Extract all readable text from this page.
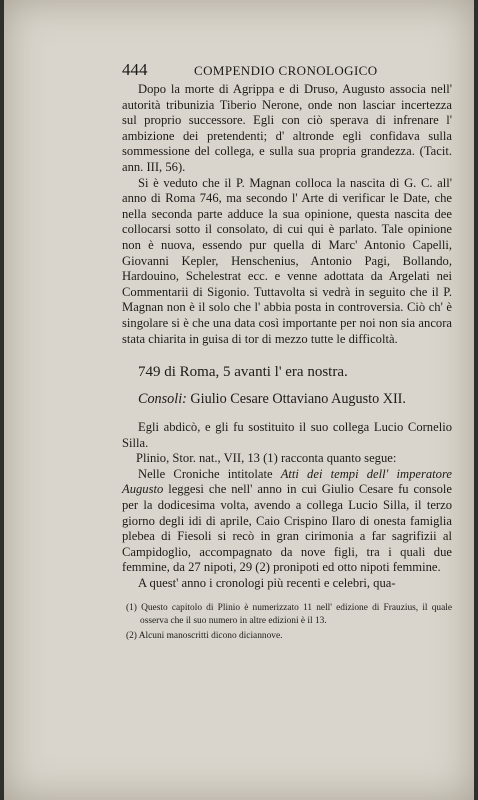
444	COMPENDIO CRONOLOGICO

Dopo la morte di Agrippa e di Druso, Augusto associa nell' autorità tribunizia Tiberio Nerone, onde non lasciar incertezza sul proprio successore. Egli con ciò sperava di infrenare l' ambizione dei pretendenti; d' altronde egli confidava sulla sommessione del collega, e sulla sua propria grandezza. (Tacit. ann. III, 56).

Si è veduto che il P. Magnan colloca la nascita di G. C. all' anno di Roma 746, ma secondo l' Arte di verificar le Date, che nella seconda parte adduce la sua opinione, questa nascita dee collocarsi sotto il consolato, di cui qui è parlato. Tale opinione non è nuova, essendo pur quella di Marc' Antonio Capelli, Giovanni Kepler, Henschenius, Antonio Pagi, Bollando, Hardouino, Schelestrat ecc. e venne adottata da Argelati nei Commentarii di Sigonio. Tuttavolta si vedrà in seguito che il P. Magnan non è il solo che l' abbia posta in controversia. Ciò ch' è singolare si è che una data così importante per noi non sia ancora stata chiarita in guisa di tor di mezzo tutte le difficoltà.

749 di Roma, 5 avanti l' era nostra.

Consoli: Giulio Cesare Ottaviano Augusto XII.

Egli abdicò, e gli fu sostituito il suo collega Lucio Cornelio Silla.

Plinio, Stor. nat., VII, 13 (1) racconta quanto segue:

Nelle Croniche intitolate Atti dei tempi dell' imperatore Augusto leggesi che nell' anno in cui Giulio Cesare fu console per la dodicesima volta, avendo a collega Lucio Silla, il terzo giorno degli idi di aprile, Caio Crispino Ilaro di onesta famiglia plebea di Fiesoli si recò in gran cirimonia a far sagrifizii al Campidoglio, accompagnato da nove figli, tra i quali due femmine, da 27 nipoti, 29 (2) pronipoti ed otto nipoti femmine.

A quest' anno i cronologi più recenti e celebri, qua-

(1) Questo capitolo di Plinio è numerizzato 11 nell' edizione di Frauzius, il quale osserva che il suo numero in altre edizioni è il 13.

(2) Alcuni manoscritti dicono diciannove.
